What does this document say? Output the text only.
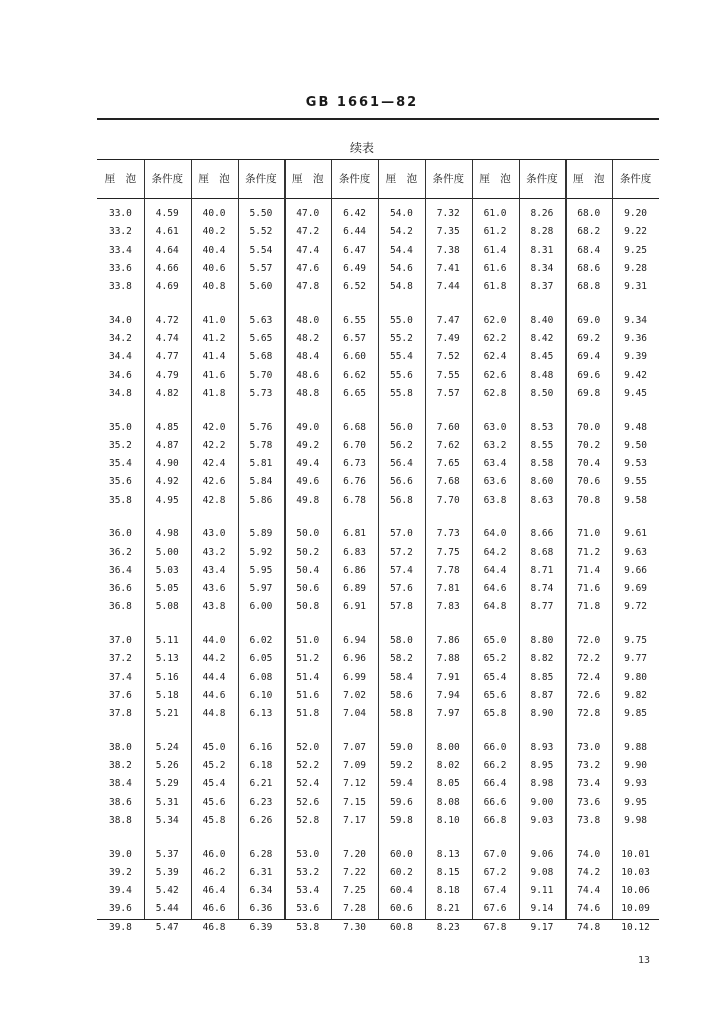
GB 1661—82
续表
厘　泡	条件度	厘　泡	条件度	厘　泡	条件度	厘　泡	条件度	厘　泡	条件度	厘　泡	条件度
33.0	4.59	40.0	5.50	47.0	6.42	54.0	7.32	61.0	8.26	68.0	9.20
33.2	4.61	40.2	5.52	47.2	6.44	54.2	7.35	61.2	8.28	68.2	9.22
33.4	4.64	40.4	5.54	47.4	6.47	54.4	7.38	61.4	8.31	68.4	9.25
33.6	4.66	40.6	5.57	47.6	6.49	54.6	7.41	61.6	8.34	68.6	9.28
33.8	4.69	40.8	5.60	47.8	6.52	54.8	7.44	61.8	8.37	68.8	9.31
34.0	4.72	41.0	5.63	48.0	6.55	55.0	7.47	62.0	8.40	69.0	9.34
34.2	4.74	41.2	5.65	48.2	6.57	55.2	7.49	62.2	8.42	69.2	9.36
34.4	4.77	41.4	5.68	48.4	6.60	55.4	7.52	62.4	8.45	69.4	9.39
34.6	4.79	41.6	5.70	48.6	6.62	55.6	7.55	62.6	8.48	69.6	9.42
34.8	4.82	41.8	5.73	48.8	6.65	55.8	7.57	62.8	8.50	69.8	9.45
35.0	4.85	42.0	5.76	49.0	6.68	56.0	7.60	63.0	8.53	70.0	9.48
35.2	4.87	42.2	5.78	49.2	6.70	56.2	7.62	63.2	8.55	70.2	9.50
35.4	4.90	42.4	5.81	49.4	6.73	56.4	7.65	63.4	8.58	70.4	9.53
35.6	4.92	42.6	5.84	49.6	6.76	56.6	7.68	63.6	8.60	70.6	9.55
35.8	4.95	42.8	5.86	49.8	6.78	56.8	7.70	63.8	8.63	70.8	9.58
36.0	4.98	43.0	5.89	50.0	6.81	57.0	7.73	64.0	8.66	71.0	9.61
36.2	5.00	43.2	5.92	50.2	6.83	57.2	7.75	64.2	8.68	71.2	9.63
36.4	5.03	43.4	5.95	50.4	6.86	57.4	7.78	64.4	8.71	71.4	9.66
36.6	5.05	43.6	5.97	50.6	6.89	57.6	7.81	64.6	8.74	71.6	9.69
36.8	5.08	43.8	6.00	50.8	6.91	57.8	7.83	64.8	8.77	71.8	9.72
37.0	5.11	44.0	6.02	51.0	6.94	58.0	7.86	65.0	8.80	72.0	9.75
37.2	5.13	44.2	6.05	51.2	6.96	58.2	7.88	65.2	8.82	72.2	9.77
37.4	5.16	44.4	6.08	51.4	6.99	58.4	7.91	65.4	8.85	72.4	9.80
37.6	5.18	44.6	6.10	51.6	7.02	58.6	7.94	65.6	8.87	72.6	9.82
37.8	5.21	44.8	6.13	51.8	7.04	58.8	7.97	65.8	8.90	72.8	9.85
38.0	5.24	45.0	6.16	52.0	7.07	59.0	8.00	66.0	8.93	73.0	9.88
38.2	5.26	45.2	6.18	52.2	7.09	59.2	8.02	66.2	8.95	73.2	9.90
38.4	5.29	45.4	6.21	52.4	7.12	59.4	8.05	66.4	8.98	73.4	9.93
38.6	5.31	45.6	6.23	52.6	7.15	59.6	8.08	66.6	9.00	73.6	9.95
38.8	5.34	45.8	6.26	52.8	7.17	59.8	8.10	66.8	9.03	73.8	9.98
39.0	5.37	46.0	6.28	53.0	7.20	60.0	8.13	67.0	9.06	74.0	10.01
39.2	5.39	46.2	6.31	53.2	7.22	60.2	8.15	67.2	9.08	74.2	10.03
39.4	5.42	46.4	6.34	53.4	7.25	60.4	8.18	67.4	9.11	74.4	10.06
39.6	5.44	46.6	6.36	53.6	7.28	60.6	8.21	67.6	9.14	74.6	10.09
39.8	5.47	46.8	6.39	53.8	7.30	60.8	8.23	67.8	9.17	74.8	10.12
13
